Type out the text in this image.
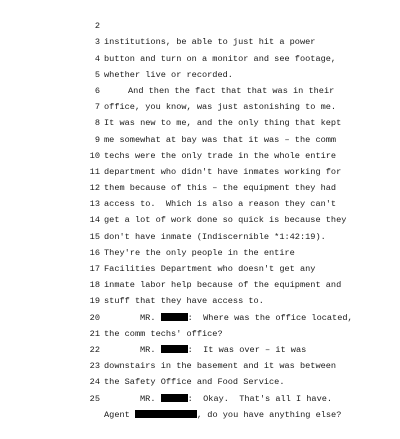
2

institutions, be able to just hit a power

3

button and turn on a monitor and see footage,

4

whether live or recorded.

5

And then the fact that that was in their

6

office, you know, was just astonishing to me.

7

It was new to me, and the only thing that kept

8

me somewhat at bay was that it was – the comm

9

techs were the only trade in the whole entire

10

department who didn't have inmates working for

11

them because of this – the equipment they had

12

access to.  Which is also a reason they can't

13

get a lot of work done so quick is because they

14

don't have inmate (Indiscernible *1:42:19).

15

They're the only people in the entire

16

Facilities Department who doesn't get any

17

inmate labor help because of the equipment and

18

stuff that they have access to.

19

MR.	:  Where was the office located,

20

the comm techs' office?

21

MR.	:  It was over – it was

22

downstairs in the basement and it was between

23

the Safety Office and Food Service.

24

MR.	:  Okay.  That's all I have.

25

Agent	, do you have anything else?
